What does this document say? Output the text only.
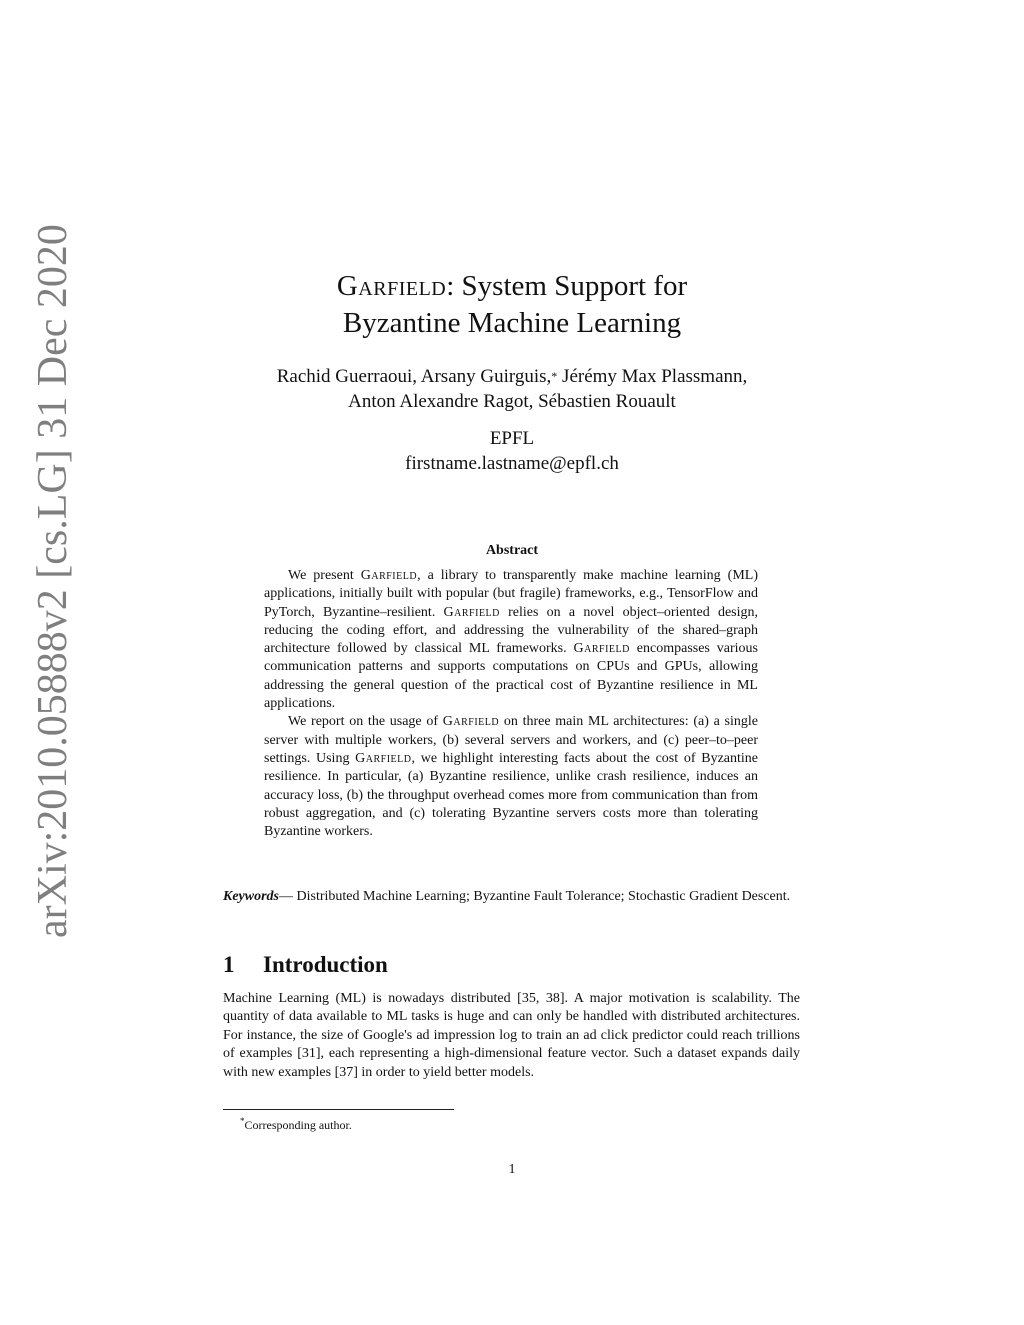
arXiv:2010.05888v2 [cs.LG] 31 Dec 2020	Garfield: System Support for
Byzantine Machine Learning
Rachid Guerraoui, Arsany Guirguis,* Jérémy Max Plassmann,
Anton Alexandre Ragot, Sébastien Rouault
EPFL
firstname.lastname@epfl.ch
Abstract

We present Garfield, a library to transparently make machine learning (ML) applications, initially built with popular (but fragile) frameworks, e.g., TensorFlow and PyTorch, Byzantine–resilient. Garfield relies on a novel object–oriented design, reducing the coding effort, and addressing the vulnerability of the shared–graph architecture followed by classical ML frameworks. Garfield encompasses various communication patterns and supports computations on CPUs and GPUs, allowing addressing the general question of the practical cost of Byzantine resilience in ML applications.

We report on the usage of Garfield on three main ML architectures: (a) a single server with multiple workers, (b) several servers and workers, and (c) peer–to–peer settings. Using Garfield, we highlight interesting facts about the cost of Byzantine resilience. In particular, (a) Byzantine resilience, unlike crash resilience, induces an accuracy loss, (b) the throughput overhead comes more from communication than from robust aggregation, and (c) tolerating Byzantine servers costs more than tolerating Byzantine workers.

Keywords— Distributed Machine Learning; Byzantine Fault Tolerance; Stochastic Gradient Descent.
1 Introduction

Machine Learning (ML) is nowadays distributed [35, 38]. A major motivation is scalability. The quantity of data available to ML tasks is huge and can only be handled with distributed architectures. For instance, the size of Google's ad impression log to train an ad click predictor could reach trillions of examples [31], each representing a high-dimensional feature vector. Such a dataset expands daily with new examples [37] in order to yield better models.

*Corresponding author.
1
